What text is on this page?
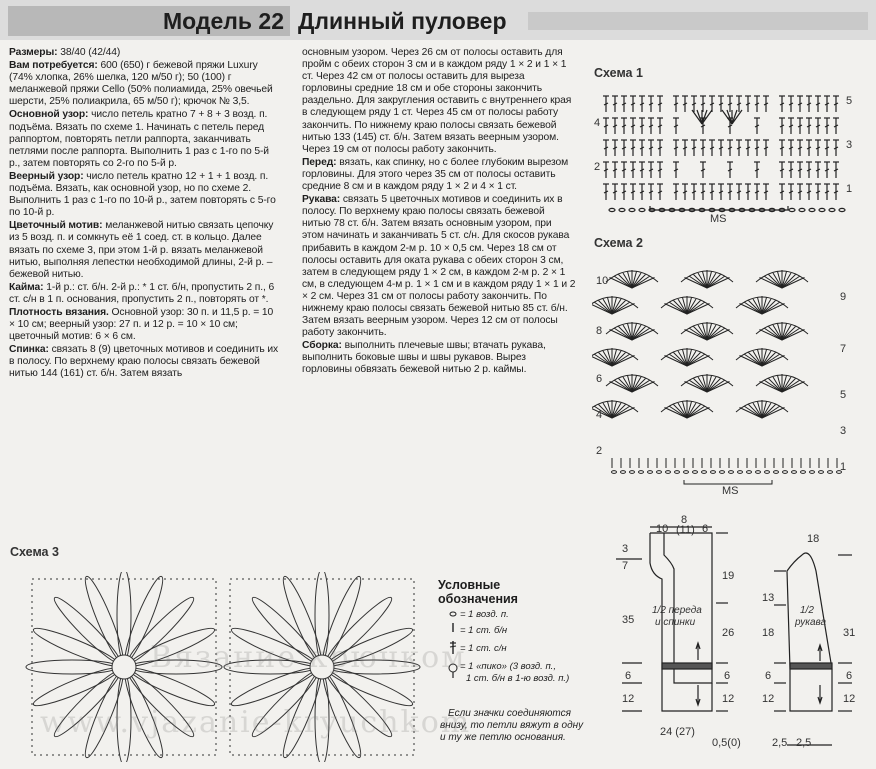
Модель 22 Длинный пуловер

Размеры: 38/40 (42/44)

Вам потребуется: 600 (650) г бежевой пряжи Luxury (74% хлопка, 26% шелка, 120 м/50 г); 50 (100) г меланжевой пряжи Cello (50% полиамида, 25% овечьей шерсти, 25% полиакрила, 65 м/50 г); крючок № 3,5.

Основной узор: число петель кратно 7 + 8 + 3 возд. п. подъёма. Вязать по схеме 1. Начинать с петель перед раппортом, повторять петли раппорта, заканчивать петлями после раппорта. Выполнить 1 раз с 1-го по 5-й р., затем повторять со 2-го по 5-й р.

Веерный узор: число петель кратно 12 + 1 + 1 возд. п. подъёма. Вязать, как основной узор, но по схеме 2. Выполнить 1 раз с 1-го по 10-й р., затем повторять с 5-го по 10-й р.

Цветочный мотив: меланжевой нитью связать цепочку из 5 возд. п. и сомкнуть её 1 соед. ст. в кольцо. Далее вязать по схеме 3, при этом 1-й р. вязать меланжевой нитью, выполняя лепестки необходимой длины, 2-й р. – бежевой нитью.

Кайма: 1-й р.: ст. б/н. 2-й р.: * 1 ст. б/н, пропустить 2 п., 6 ст. с/н в 1 п. основания, пропустить 2 п., повторять от *.

Плотность вязания. Основной узор: 30 п. и 11,5 р. = 10 × 10 см; веерный узор: 27 п. и 12 р. = 10 × 10 см; цветочный мотив: 6 × 6 см.

Спинка: связать 8 (9) цветочных мотивов и соединить их в полосу. По верхнему краю полосы связать бежевой нитью 144 (161) ст. б/н. Затем вязать

основным узором. Через 26 см от полосы оставить для пройм с обеих сторон 3 см и в каждом ряду 1 × 2 и 1 × 1 ст. Через 42 см от полосы оставить для выреза горловины средние 18 см и обе стороны закончить раздельно. Для закругления оставить с внутреннего края в следующем ряду 1 ст. Через 45 см от полосы работу закончить. По нижнему краю полосы связать бежевой нитью 133 (145) ст. б/н. Затем вязать веерным узором. Через 19 см от полосы работу закончить.

Перед: вязать, как спинку, но с более глубоким вырезом горловины. Для этого через 35 см от полосы оставить средние 8 см и в каждом ряду 1 × 2 и 4 × 1 ст.

Рукава: связать 5 цветочных мотивов и соединить их в полосу. По верхнему краю полосы связать бежевой нитью 78 ст. б/н. Затем вязать основным узором, при этом начинать и заканчивать 5 ст. с/н. Для скосов рукава прибавить в каждом 2-м р. 10 × 0,5 см. Через 18 см от полосы оставить для оката рукава с обеих сторон 3 см, затем в следующем ряду 1 × 2 см, в каждом 2-м р. 2 × 1 см, в следующем 4-м р. 1 × 1 см и в каждом ряду 1 × 1 и 2 × 2 см. Через 31 см от полосы работу закончить. По нижнему краю полосы связать бежевой нитью 85 ст. б/н. Затем вязать веерным узором. Через 12 см от полосы работу закончить.

Сборка: выполнить плечевые швы; втачать рукава, выполнить боковые швы и швы рукавов. Вырез горловины обвязать бежевой нитью 2 р. каймы.

Схема 1
5
3
1
4
2
MS
Схема 2
9
7
5
3
1
10
8
6
4
2
MS
Схема 3
Условные
обозначения
= 1 возд. п.
= 1 ст. б/н
= 1 ст. с/н
= 1 «пико» (3 возд. п.,
1 ст. б/н в 1-ю возд. п.)
Если значки соединяются
внизу, то петли вяжут в одну
и ту же петлю основания.
1/2 переда
и спинки
10
8
(11) 6
3
7
35
6
12
19
26
6
12
24 (27)
0,5(0)
1/2
рукава
18
13
18
6
12
31
6
12
2,5 2,5
Вязание крючком
www.vjazanie-kryuchkom
